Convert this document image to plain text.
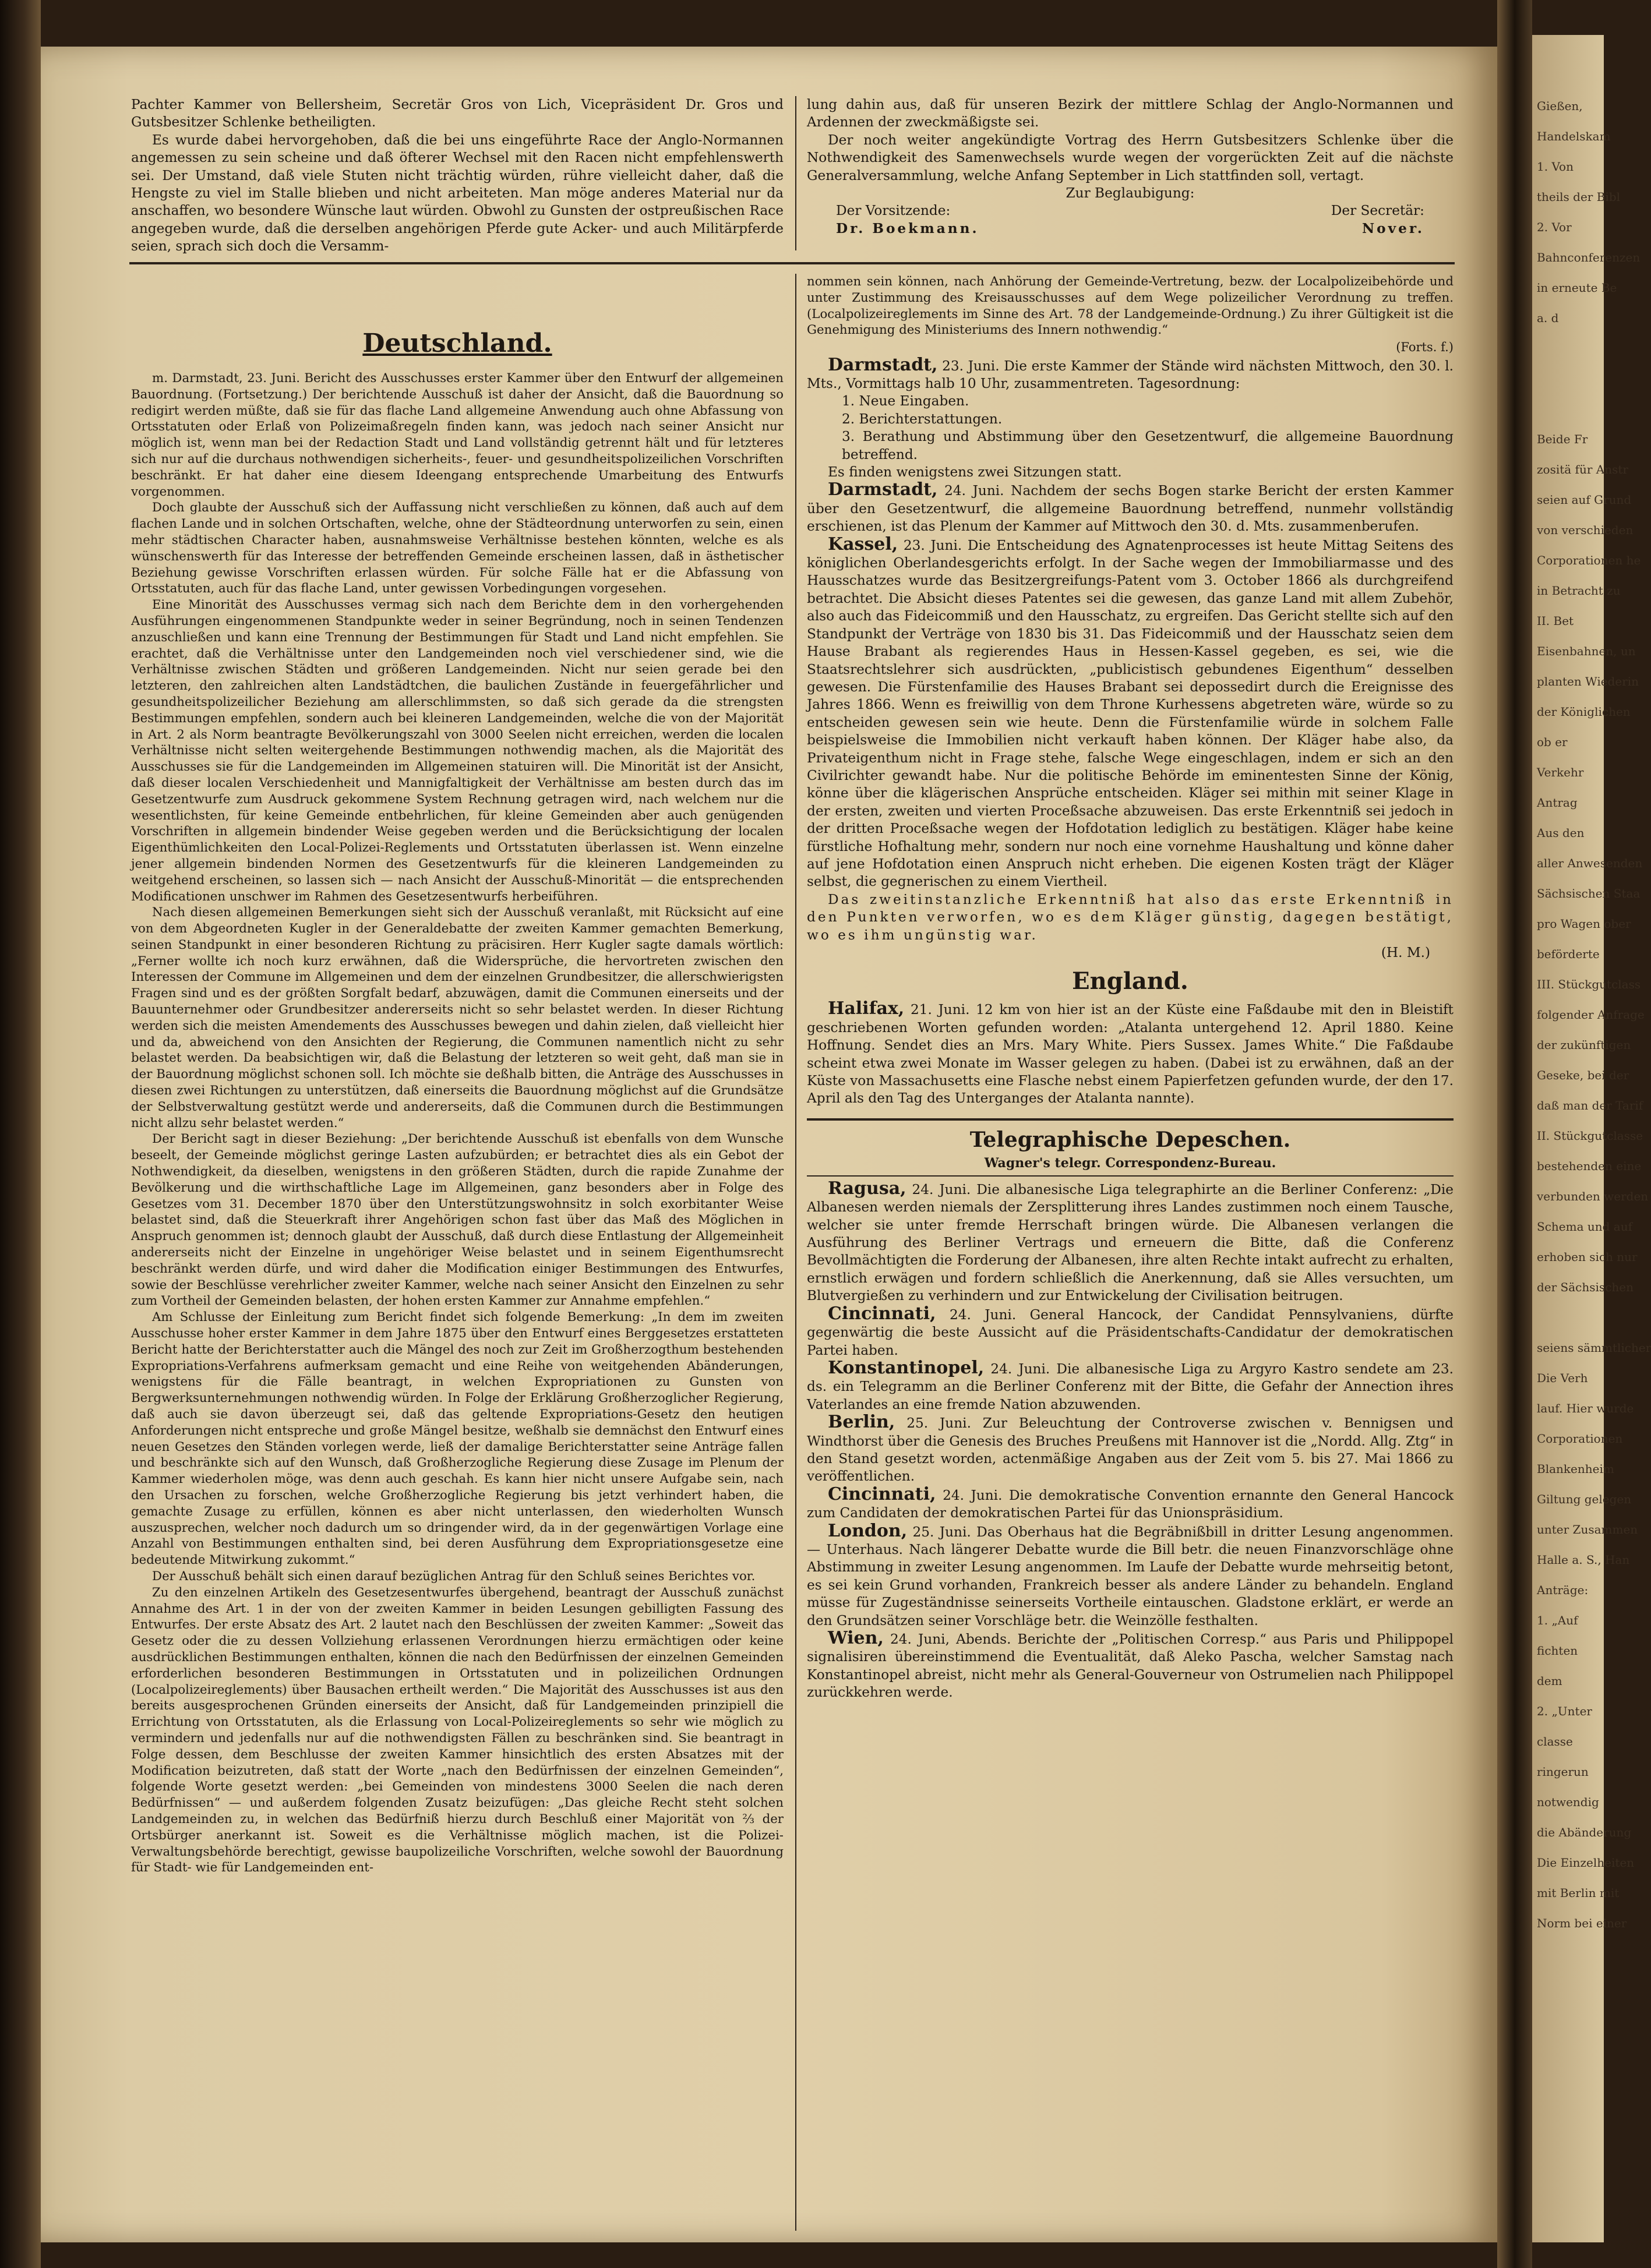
Gießen,
Handelskam
1. Von
theils der Bibl
2. Vor
Bahnconferenzen
in erneute Be
a. d
Beide Fr
zositä für Anstr
seien auf Grund
von verschieden
Corporationen he
in Betracht zu
II. Bet
Eisenbahnen, un
planten Wiederin
der Königlichen
ob er
Verkehr
Antrag
Aus den
aller Anwesenden
Sächsischen Staa
pro Wagen ober
beförderte
III. Stückgutclass
folgender Anfrage
der zukünftigen
Geseke, bei der
daß man der Tarif
II. Stückgutclasse
bestehenden eine
verbunden werden
Schema und auf
erhoben sich nur
der Sächsischen
seiens sämmtlicher
Die Verh
lauf. Hier wurde
Corporationen
Blankenheim
Giltung gelegen
unter Zusammen
Halle a. S., Han
Anträge:
1. „Auf
fichten
dem
2. „Unter
classe
ringerun
notwendig
die Abänderung
Die Einzelheiten
mit Berlin mit
Norm bei einer

Pachter Kammer von Bellersheim, Secretär Gros von Lich, Vicepräsident Dr. Gros und Gutsbesitzer Schlenke betheiligten.

Es wurde dabei hervorgehoben, daß die bei uns eingeführte Race der Anglo-Normannen angemessen zu sein scheine und daß öfterer Wechsel mit den Racen nicht empfehlenswerth sei. Der Umstand, daß viele Stuten nicht trächtig würden, rühre vielleicht daher, daß die Hengste zu viel im Stalle blieben und nicht arbeiteten. Man möge anderes Material nur da anschaffen, wo besondere Wünsche laut würden. Obwohl zu Gunsten der ostpreußischen Race angegeben wurde, daß die derselben angehörigen Pferde gute Acker- und auch Militärpferde seien, sprach sich doch die Versamm-

lung dahin aus, daß für unseren Bezirk der mittlere Schlag der Anglo-Normannen und Ardennen der zweckmäßigste sei.

Der noch weiter angekündigte Vortrag des Herrn Gutsbesitzers Schlenke über die Nothwendigkeit des Samenwechsels wurde wegen der vorgerückten Zeit auf die nächste Generalversammlung, welche Anfang September in Lich stattfinden soll, vertagt.

Zur Beglaubigung:
Der Vorsitzende:	Der Secretär:
Dr. Boekmann.	Nover.
Deutschland.

m. Darmstadt, 23. Juni. Bericht des Ausschusses erster Kammer über den Entwurf der allgemeinen Bauordnung. (Fortsetzung.) Der berichtende Ausschuß ist daher der Ansicht, daß die Bauordnung so redigirt werden müßte, daß sie für das flache Land allgemeine Anwendung auch ohne Abfassung von Ortsstatuten oder Erlaß von Polizeimaßregeln finden kann, was jedoch nach seiner Ansicht nur möglich ist, wenn man bei der Redaction Stadt und Land vollständig getrennt hält und für letzteres sich nur auf die durchaus nothwendigen sicherheits-, feuer- und gesundheitspolizeilichen Vorschriften beschränkt. Er hat daher eine diesem Ideengang entsprechende Umarbeitung des Entwurfs vorgenommen.

Doch glaubte der Ausschuß sich der Auffassung nicht verschließen zu können, daß auch auf dem flachen Lande und in solchen Ortschaften, welche, ohne der Städteordnung unterworfen zu sein, einen mehr städtischen Character haben, ausnahmsweise Verhältnisse bestehen könnten, welche es als wünschenswerth für das Interesse der betreffenden Gemeinde erscheinen lassen, daß in ästhetischer Beziehung gewisse Vorschriften erlassen würden. Für solche Fälle hat er die Abfassung von Ortsstatuten, auch für das flache Land, unter gewissen Vorbedingungen vorgesehen.

Eine Minorität des Ausschusses vermag sich nach dem Berichte dem in den vorhergehenden Ausführungen eingenommenen Standpunkte weder in seiner Begründung, noch in seinen Tendenzen anzuschließen und kann eine Trennung der Bestimmungen für Stadt und Land nicht empfehlen. Sie erachtet, daß die Verhältnisse unter den Landgemeinden noch viel verschiedener sind, wie die Verhältnisse zwischen Städten und größeren Landgemeinden. Nicht nur seien gerade bei den letzteren, den zahlreichen alten Landstädtchen, die baulichen Zustände in feuergefährlicher und gesundheitspolizeilicher Beziehung am allerschlimmsten, so daß sich gerade da die strengsten Bestimmungen empfehlen, sondern auch bei kleineren Landgemeinden, welche die von der Majorität in Art. 2 als Norm beantragte Bevölkerungszahl von 3000 Seelen nicht erreichen, werden die localen Verhältnisse nicht selten weitergehende Bestimmungen nothwendig machen, als die Majorität des Ausschusses sie für die Landgemeinden im Allgemeinen statuiren will. Die Minorität ist der Ansicht, daß dieser localen Verschiedenheit und Mannigfaltigkeit der Verhältnisse am besten durch das im Gesetzentwurfe zum Ausdruck gekommene System Rechnung getragen wird, nach welchem nur die wesentlichsten, für keine Gemeinde entbehrlichen, für kleine Gemeinden aber auch genügenden Vorschriften in allgemein bindender Weise gegeben werden und die Berücksichtigung der localen Eigenthümlichkeiten den Local-Polizei-Reglements und Ortsstatuten überlassen ist. Wenn einzelne jener allgemein bindenden Normen des Gesetzentwurfs für die kleineren Landgemeinden zu weitgehend erscheinen, so lassen sich — nach Ansicht der Ausschuß-Minorität — die entsprechenden Modificationen unschwer im Rahmen des Gesetzesentwurfs herbeiführen.

Nach diesen allgemeinen Bemerkungen sieht sich der Ausschuß veranlaßt, mit Rücksicht auf eine von dem Abgeordneten Kugler in der Generaldebatte der zweiten Kammer gemachten Bemerkung, seinen Standpunkt in einer besonderen Richtung zu präcisiren. Herr Kugler sagte damals wörtlich: „Ferner wollte ich noch kurz erwähnen, daß die Widersprüche, die hervortreten zwischen den Interessen der Commune im Allgemeinen und dem der einzelnen Grundbesitzer, die allerschwierigsten Fragen sind und es der größten Sorgfalt bedarf, abzuwägen, damit die Communen einerseits und der Bauunternehmer oder Grundbesitzer andererseits nicht so sehr belastet werden. In dieser Richtung werden sich die meisten Amendements des Ausschusses bewegen und dahin zielen, daß vielleicht hier und da, abweichend von den Ansichten der Regierung, die Communen namentlich nicht zu sehr belastet werden. Da beabsichtigen wir, daß die Belastung der letzteren so weit geht, daß man sie in der Bauordnung möglichst schonen soll. Ich möchte sie deßhalb bitten, die Anträge des Ausschusses in diesen zwei Richtungen zu unterstützen, daß einerseits die Bauordnung möglichst auf die Grundsätze der Selbstverwaltung gestützt werde und andererseits, daß die Communen durch die Bestimmungen nicht allzu sehr belastet werden.“

Der Bericht sagt in dieser Beziehung: „Der berichtende Ausschuß ist ebenfalls von dem Wunsche beseelt, der Gemeinde möglichst geringe Lasten aufzubürden; er betrachtet dies als ein Gebot der Nothwendigkeit, da dieselben, wenigstens in den größeren Städten, durch die rapide Zunahme der Bevölkerung und die wirthschaftliche Lage im Allgemeinen, ganz besonders aber in Folge des Gesetzes vom 31. December 1870 über den Unterstützungswohnsitz in solch exorbitanter Weise belastet sind, daß die Steuerkraft ihrer Angehörigen schon fast über das Maß des Möglichen in Anspruch genommen ist; dennoch glaubt der Ausschuß, daß durch diese Entlastung der Allgemeinheit andererseits nicht der Einzelne in ungehöriger Weise belastet und in seinem Eigenthumsrecht beschränkt werden dürfe, und wird daher die Modification einiger Bestimmungen des Entwurfes, sowie der Beschlüsse verehrlicher zweiter Kammer, welche nach seiner Ansicht den Einzelnen zu sehr zum Vortheil der Gemeinden belasten, der hohen ersten Kammer zur Annahme empfehlen.“

Am Schlusse der Einleitung zum Bericht findet sich folgende Bemerkung: „In dem im zweiten Ausschusse hoher erster Kammer in dem Jahre 1875 über den Entwurf eines Berggesetzes erstatteten Bericht hatte der Berichterstatter auch die Mängel des noch zur Zeit im Großherzogthum bestehenden Expropriations-Verfahrens aufmerksam gemacht und eine Reihe von weitgehenden Abänderungen, wenigstens für die Fälle beantragt, in welchen Expropriationen zu Gunsten von Bergwerksunternehmungen nothwendig würden. In Folge der Erklärung Großherzoglicher Regierung, daß auch sie davon überzeugt sei, daß das geltende Expropriations-Gesetz den heutigen Anforderungen nicht entspreche und große Mängel besitze, weßhalb sie demnächst den Entwurf eines neuen Gesetzes den Ständen vorlegen werde, ließ der damalige Berichterstatter seine Anträge fallen und beschränkte sich auf den Wunsch, daß Großherzogliche Regierung diese Zusage im Plenum der Kammer wiederholen möge, was denn auch geschah. Es kann hier nicht unsere Aufgabe sein, nach den Ursachen zu forschen, welche Großherzogliche Regierung bis jetzt verhindert haben, die gemachte Zusage zu erfüllen, können es aber nicht unterlassen, den wiederholten Wunsch auszusprechen, welcher noch dadurch um so dringender wird, da in der gegenwärtigen Vorlage eine Anzahl von Bestimmungen enthalten sind, bei deren Ausführung dem Expropriationsgesetze eine bedeutende Mitwirkung zukommt.“

Der Ausschuß behält sich einen darauf bezüglichen Antrag für den Schluß seines Berichtes vor.

Zu den einzelnen Artikeln des Gesetzesentwurfes übergehend, beantragt der Ausschuß zunächst Annahme des Art. 1 in der von der zweiten Kammer in beiden Lesungen gebilligten Fassung des Entwurfes. Der erste Absatz des Art. 2 lautet nach den Beschlüssen der zweiten Kammer: „Soweit das Gesetz oder die zu dessen Vollziehung erlassenen Verordnungen hierzu ermächtigen oder keine ausdrücklichen Bestimmungen enthalten, können die nach den Bedürfnissen der einzelnen Gemeinden erforderlichen besonderen Bestimmungen in Ortsstatuten und in polizeilichen Ordnungen (Localpolizeireglements) über Bausachen ertheilt werden.“ Die Majorität des Ausschusses ist aus den bereits ausgesprochenen Gründen einerseits der Ansicht, daß für Landgemeinden prinzipiell die Errichtung von Ortsstatuten, als die Erlassung von Local-Polizeireglements so sehr wie möglich zu vermindern und jedenfalls nur auf die nothwendigsten Fällen zu beschränken sind. Sie beantragt in Folge dessen, dem Beschlusse der zweiten Kammer hinsichtlich des ersten Absatzes mit der Modification beizutreten, daß statt der Worte „nach den Bedürfnissen der einzelnen Gemeinden“, folgende Worte gesetzt werden: „bei Gemeinden von mindestens 3000 Seelen die nach deren Bedürfnissen“ — und außerdem folgenden Zusatz beizufügen: „Das gleiche Recht steht solchen Landgemeinden zu, in welchen das Bedürfniß hierzu durch Beschluß einer Majorität von ⅔ der Ortsbürger anerkannt ist. Soweit es die Verhältnisse möglich machen, ist die Polizei-Verwaltungsbehörde berechtigt, gewisse baupolizeiliche Vorschriften, welche sowohl der Bauordnung für Stadt- wie für Landgemeinden ent-

nommen sein können, nach Anhörung der Gemeinde-Vertretung, bezw. der Localpolizeibehörde und unter Zustimmung des Kreisausschusses auf dem Wege polizeilicher Verordnung zu treffen. (Localpolizeireglements im Sinne des Art. 78 der Landgemeinde-Ordnung.) Zu ihrer Gültigkeit ist die Genehmigung des Ministeriums des Innern nothwendig.“

(Forts. f.)

Darmstadt, 23. Juni. Die erste Kammer der Stände wird nächsten Mittwoch, den 30. l. Mts., Vormittags halb 10 Uhr, zusammentreten. Tagesordnung:

1. Neue Eingaben.

2. Berichterstattungen.

3. Berathung und Abstimmung über den Gesetzentwurf, die allgemeine Bauordnung betreffend.

Es finden wenigstens zwei Sitzungen statt.

Darmstadt, 24. Juni. Nachdem der sechs Bogen starke Bericht der ersten Kammer über den Gesetzentwurf, die allgemeine Bauordnung betreffend, nunmehr vollständig erschienen, ist das Plenum der Kammer auf Mittwoch den 30. d. Mts. zusammenberufen.

Kassel, 23. Juni. Die Entscheidung des Agnatenprocesses ist heute Mittag Seitens des königlichen Oberlandesgerichts erfolgt. In der Sache wegen der Immobiliarmasse und des Hausschatzes wurde das Besitzergreifungs-Patent vom 3. October 1866 als durchgreifend betrachtet. Die Absicht dieses Patentes sei die gewesen, das ganze Land mit allem Zubehör, also auch das Fideicommiß und den Hausschatz, zu ergreifen. Das Gericht stellte sich auf den Standpunkt der Verträge von 1830 bis 31. Das Fideicommiß und der Hausschatz seien dem Hause Brabant als regierendes Haus in Hessen-Kassel gegeben, es sei, wie die Staatsrechtslehrer sich ausdrückten, „publicistisch gebundenes Eigenthum“ desselben gewesen. Die Fürstenfamilie des Hauses Brabant sei depossedirt durch die Ereignisse des Jahres 1866. Wenn es freiwillig von dem Throne Kurhessens abgetreten wäre, würde so zu entscheiden gewesen sein wie heute. Denn die Fürstenfamilie würde in solchem Falle beispielsweise die Immobilien nicht verkauft haben können. Der Kläger habe also, da Privateigenthum nicht in Frage stehe, falsche Wege eingeschlagen, indem er sich an den Civilrichter gewandt habe. Nur die politische Behörde im eminentesten Sinne der König, könne über die klägerischen Ansprüche entscheiden. Kläger sei mithin mit seiner Klage in der ersten, zweiten und vierten Proceßsache abzuweisen. Das erste Erkenntniß sei jedoch in der dritten Proceßsache wegen der Hofdotation lediglich zu bestätigen. Kläger habe keine fürstliche Hofhaltung mehr, sondern nur noch eine vornehme Haushaltung und könne daher auf jene Hofdotation einen Anspruch nicht erheben. Die eigenen Kosten trägt der Kläger selbst, die gegnerischen zu einem Viertheil.

Das zweitinstanzliche Erkenntniß hat also das erste Erkenntniß in den Punkten verworfen, wo es dem Kläger günstig, dagegen bestätigt, wo es ihm ungünstig war.

(H. M.)
England.

Halifax, 21. Juni. 12 km von hier ist an der Küste eine Faßdaube mit den in Bleistift geschriebenen Worten gefunden worden: „Atalanta untergehend 12. April 1880. Keine Hoffnung. Sendet dies an Mrs. Mary White. Piers Sussex. James White.“ Die Faßdaube scheint etwa zwei Monate im Wasser gelegen zu haben. (Dabei ist zu erwähnen, daß an der Küste von Massachusetts eine Flasche nebst einem Papierfetzen gefunden wurde, der den 17. April als den Tag des Unterganges der Atalanta nannte).

Telegraphische Depeschen.
Wagner's telegr. Correspondenz-Bureau.

Ragusa, 24. Juni. Die albanesische Liga telegraphirte an die Berliner Conferenz: „Die Albanesen werden niemals der Zersplitterung ihres Landes zustimmen noch einem Tausche, welcher sie unter fremde Herrschaft bringen würde. Die Albanesen verlangen die Ausführung des Berliner Vertrags und erneuern die Bitte, daß die Conferenz Bevollmächtigten die Forderung der Albanesen, ihre alten Rechte intakt aufrecht zu erhalten, ernstlich erwägen und fordern schließlich die Anerkennung, daß sie Alles versuchten, um Blutvergießen zu verhindern und zur Entwickelung der Civilisation beitrugen.

Cincinnati, 24. Juni. General Hancock, der Candidat Pennsylvaniens, dürfte gegenwärtig die beste Aussicht auf die Präsidentschafts-Candidatur der demokratischen Partei haben.

Konstantinopel, 24. Juni. Die albanesische Liga zu Argyro Kastro sendete am 23. ds. ein Telegramm an die Berliner Conferenz mit der Bitte, die Gefahr der Annection ihres Vaterlandes an eine fremde Nation abzuwenden.

Berlin, 25. Juni. Zur Beleuchtung der Controverse zwischen v. Bennigsen und Windthorst über die Genesis des Bruches Preußens mit Hannover ist die „Nordd. Allg. Ztg“ in den Stand gesetzt worden, actenmäßige Angaben aus der Zeit vom 5. bis 27. Mai 1866 zu veröffentlichen.

Cincinnati, 24. Juni. Die demokratische Convention ernannte den General Hancock zum Candidaten der demokratischen Partei für das Unionspräsidium.

London, 25. Juni. Das Oberhaus hat die Begräbnißbill in dritter Lesung angenommen. — Unterhaus. Nach längerer Debatte wurde die Bill betr. die neuen Finanzvorschläge ohne Abstimmung in zweiter Lesung angenommen. Im Laufe der Debatte wurde mehrseitig betont, es sei kein Grund vorhanden, Frankreich besser als andere Länder zu behandeln. England müsse für Zugeständnisse seinerseits Vortheile eintauschen. Gladstone erklärt, er werde an den Grundsätzen seiner Vorschläge betr. die Weinzölle festhalten.

Wien, 24. Juni, Abends. Berichte der „Politischen Corresp.“ aus Paris und Philippopel signalisiren übereinstimmend die Eventualität, daß Aleko Pascha, welcher Samstag nach Konstantinopel abreist, nicht mehr als General-Gouverneur von Ostrumelien nach Philippopel zurückkehren werde.
